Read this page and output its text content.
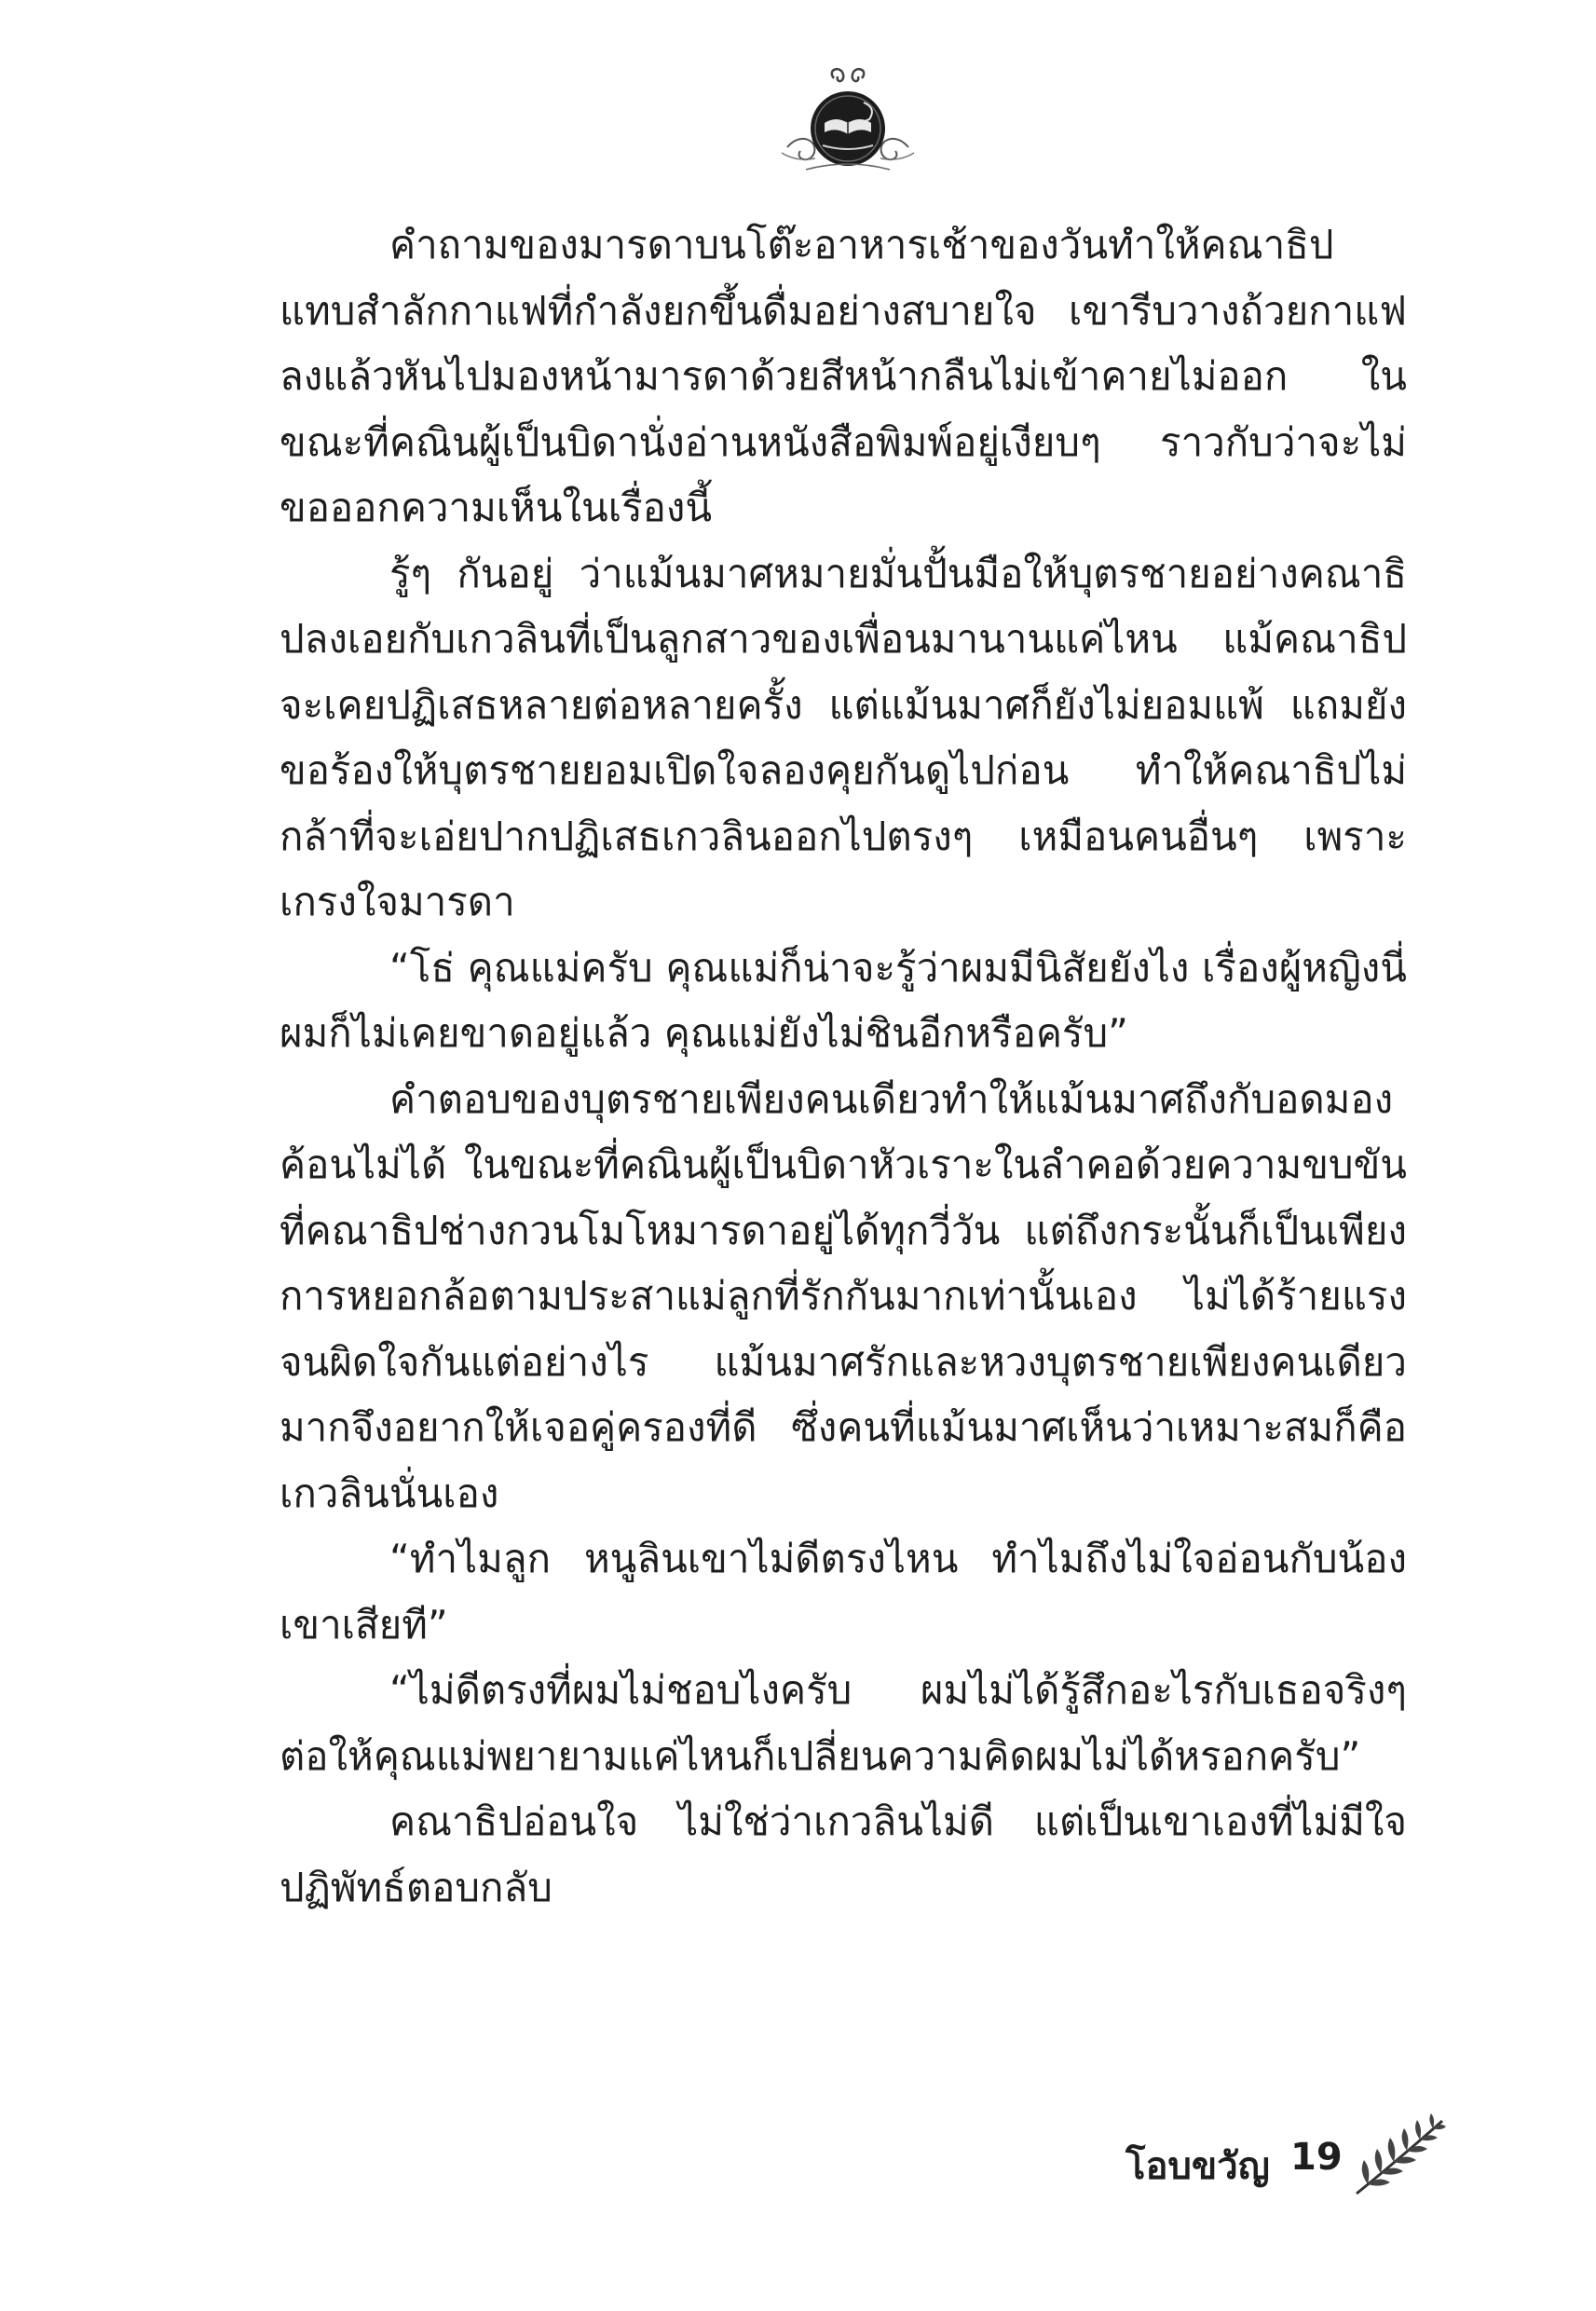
คำถามของมารดาบนโต๊ะอาหารเช้าของวันทำให้คณาธิปแทบสำลักกาแฟที่กำลังยกขึ้นดื่มอย่างสบายใจ เขารีบวางถ้วยกาแฟลงแล้วหันไปมองหน้ามารดาด้วยสีหน้ากลืนไม่เข้าคายไม่ออก ในขณะที่คณินผู้เป็นบิดานั่งอ่านหนังสือพิมพ์อยู่เงียบๆ ราวกับว่าจะไม่ขอออกความเห็นในเรื่องนี้

รู้ๆ กันอยู่ ว่าแม้นมาศหมายมั่นปั้นมือให้บุตรชายอย่างคณาธิปลงเอยกับเกวลินที่เป็นลูกสาวของเพื่อนมานานแค่ไหน แม้คณาธิปจะเคยปฏิเสธหลายต่อหลายครั้ง แต่แม้นมาศก็ยังไม่ยอมแพ้ แถมยังขอร้องให้บุตรชายยอมเปิดใจลองคุยกันดูไปก่อน ทำให้คณาธิปไม่กล้าที่จะเอ่ยปากปฏิเสธเกวลินออกไปตรงๆ เหมือนคนอื่นๆ เพราะเกรงใจมารดา

“โธ่ คุณแม่ครับ คุณแม่ก็น่าจะรู้ว่าผมมีนิสัยยังไง เรื่องผู้หญิงนี่ผมก็ไม่เคยขาดอยู่แล้ว คุณแม่ยังไม่ชินอีกหรือครับ”

คำตอบของบุตรชายเพียงคนเดียวทำให้แม้นมาศถึงกับอดมองค้อนไม่ได้ ในขณะที่คณินผู้เป็นบิดาหัวเราะในลำคอด้วยความขบขันที่คณาธิปช่างกวนโมโหมารดาอยู่ได้ทุกวี่วัน แต่ถึงกระนั้นก็เป็นเพียงการหยอกล้อตามประสาแม่ลูกที่รักกันมากเท่านั้นเอง ไม่ได้ร้ายแรงจนผิดใจกันแต่อย่างไร แม้นมาศรักและหวงบุตรชายเพียงคนเดียวมากจึงอยากให้เจอคู่ครองที่ดี ซึ่งคนที่แม้นมาศเห็นว่าเหมาะสมก็คือเกวลินนั่นเอง

“ทำไมลูก หนูลินเขาไม่ดีตรงไหน ทำไมถึงไม่ใจอ่อนกับน้องเขาเสียที”

“ไม่ดีตรงที่ผมไม่ชอบไงครับ ผมไม่ได้รู้สึกอะไรกับเธอจริงๆ ต่อให้คุณแม่พยายามแค่ไหนก็เปลี่ยนความคิดผมไม่ได้หรอกครับ”

คณาธิปอ่อนใจ ไม่ใช่ว่าเกวลินไม่ดี แต่เป็นเขาเองที่ไม่มีใจปฏิพัทธ์ตอบกลับ

โอบขวัญ 19
